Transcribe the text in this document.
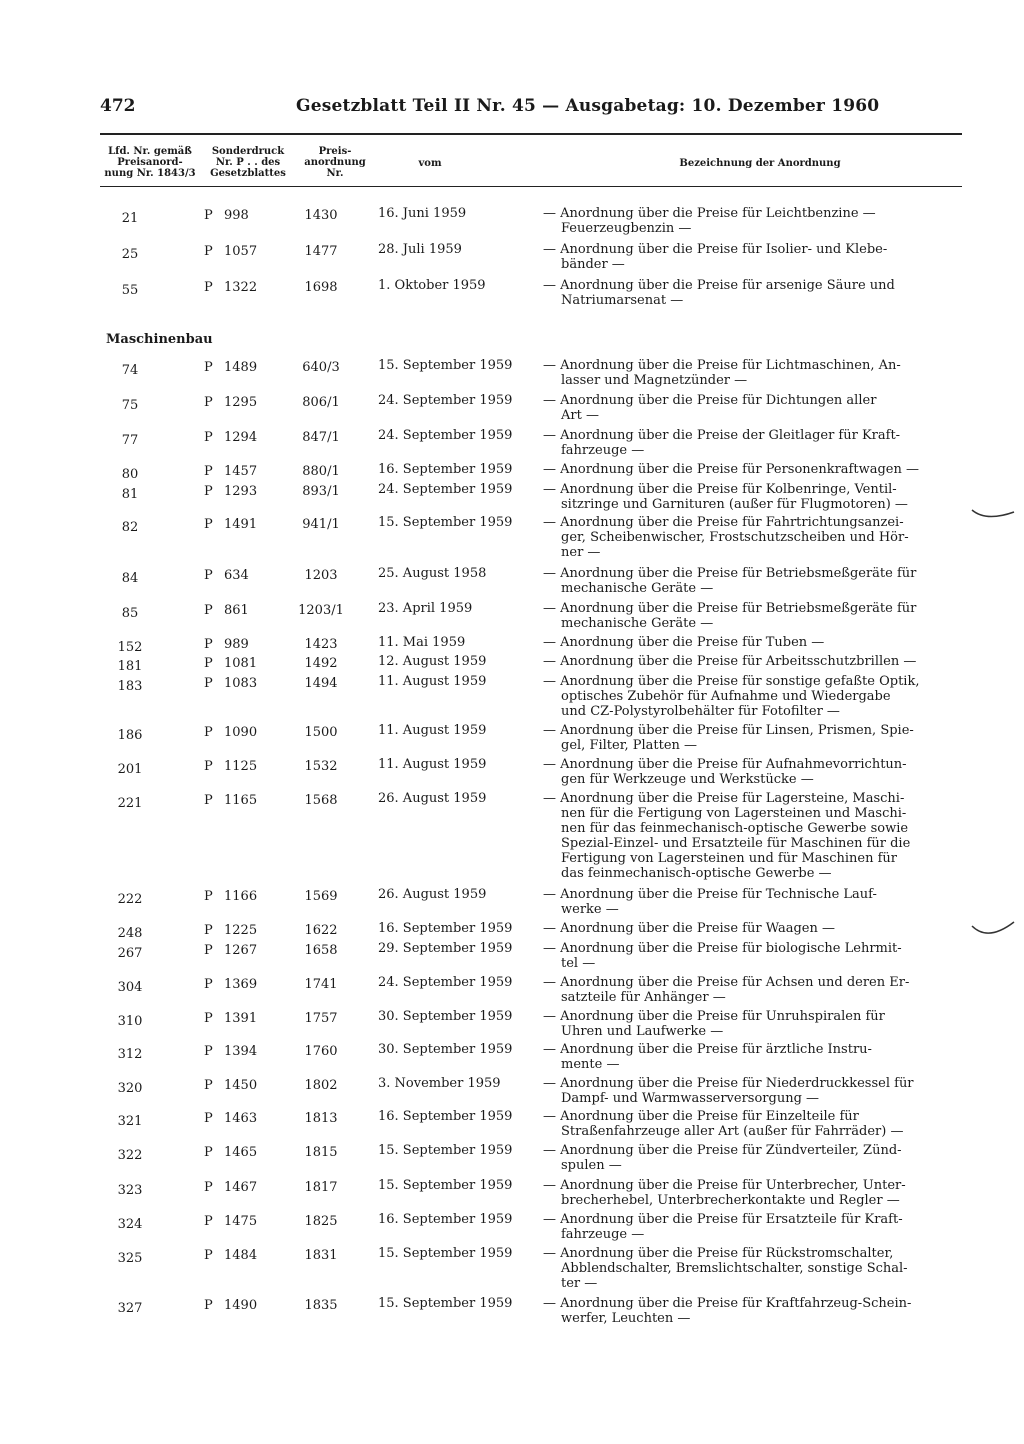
472	Gesetzblatt Teil II Nr. 45 — Ausgabetag: 10. Dezember 1960
Lfd. Nr. gemäß
Preisanord-
nung Nr. 1843/3
Sonderdruck
Nr. P . . des
Gesetzblattes
Preis-
anordnung
Nr.
vom	Bezeichnung der Anordnung
21	P 998	1430	16. Juni 1959	— Anordnung über die Preise für Leichtbenzine —
Feuerzeugbenzin —
25	P 1057	1477	28. Juli 1959	— Anordnung über die Preise für Isolier- und Klebe-
bänder —
55	P 1322	1698	1. Oktober 1959	— Anordnung über die Preise für arsenige Säure und
Natriumarsenat —
Maschinenbau
74	P 1489	640/3	15. September 1959	— Anordnung über die Preise für Lichtmaschinen, An-
lasser und Magnetzünder —
75	P 1295	806/1	24. September 1959	— Anordnung über die Preise für Dichtungen aller
Art —
77	P 1294	847/1	24. September 1959	— Anordnung über die Preise der Gleitlager für Kraft-
fahrzeuge —
80	P 1457	880/1	16. September 1959	— Anordnung über die Preise für Personenkraftwagen —
81	P 1293	893/1	24. September 1959	— Anordnung über die Preise für Kolbenringe, Ventil-
sitzringe und Garnituren (außer für Flugmotoren) —
82	P 1491	941/1	15. September 1959	— Anordnung über die Preise für Fahrtrichtungsanzei-
ger, Scheibenwischer, Frostschutzscheiben und Hör-
ner —
84	P 634	1203	25. August 1958	— Anordnung über die Preise für Betriebsmeßgeräte für
mechanische Geräte —
85	P 861	1203/1	23. April 1959	— Anordnung über die Preise für Betriebsmeßgeräte für
mechanische Geräte —
152	P 989	1423	11. Mai 1959	— Anordnung über die Preise für Tuben —
181	P 1081	1492	12. August 1959	— Anordnung über die Preise für Arbeitsschutzbrillen —
183	P 1083	1494	11. August 1959	— Anordnung über die Preise für sonstige gefaßte Optik,
optisches Zubehör für Aufnahme und Wiedergabe
und CZ-Polystyrolbehälter für Fotofilter —
186	P 1090	1500	11. August 1959	— Anordnung über die Preise für Linsen, Prismen, Spie-
gel, Filter, Platten —
201	P 1125	1532	11. August 1959	— Anordnung über die Preise für Aufnahmevorrichtun-
gen für Werkzeuge und Werkstücke —
221	P 1165	1568	26. August 1959	— Anordnung über die Preise für Lagersteine, Maschi-
nen für die Fertigung von Lagersteinen und Maschi-
nen für das feinmechanisch-optische Gewerbe sowie
Spezial-Einzel- und Ersatzteile für Maschinen für die
Fertigung von Lagersteinen und für Maschinen für
das feinmechanisch-optische Gewerbe —
222	P 1166	1569	26. August 1959	— Anordnung über die Preise für Technische Lauf-
werke —
248	P 1225	1622	16. September 1959	— Anordnung über die Preise für Waagen —
267	P 1267	1658	29. September 1959	— Anordnung über die Preise für biologische Lehrmit-
tel —
304	P 1369	1741	24. September 1959	— Anordnung über die Preise für Achsen und deren Er-
satzteile für Anhänger —
310	P 1391	1757	30. September 1959	— Anordnung über die Preise für Unruhspiralen für
Uhren und Laufwerke —
312	P 1394	1760	30. September 1959	— Anordnung über die Preise für ärztliche Instru-
mente —
320	P 1450	1802	3. November 1959	— Anordnung über die Preise für Niederdruckkessel für
Dampf- und Warmwasserversorgung —
321	P 1463	1813	16. September 1959	— Anordnung über die Preise für Einzelteile für
Straßenfahrzeuge aller Art (außer für Fahrräder) —
322	P 1465	1815	15. September 1959	— Anordnung über die Preise für Zündverteiler, Zünd-
spulen —
323	P 1467	1817	15. September 1959	— Anordnung über die Preise für Unterbrecher, Unter-
brecherhebel, Unterbrecherkontakte und Regler —
324	P 1475	1825	16. September 1959	— Anordnung über die Preise für Ersatzteile für Kraft-
fahrzeuge —
325	P 1484	1831	15. September 1959	— Anordnung über die Preise für Rückstromschalter,
Abblendschalter, Bremslichtschalter, sonstige Schal-
ter —
327	P 1490	1835	15. September 1959	— Anordnung über die Preise für Kraftfahrzeug-Schein-
werfer, Leuchten —
